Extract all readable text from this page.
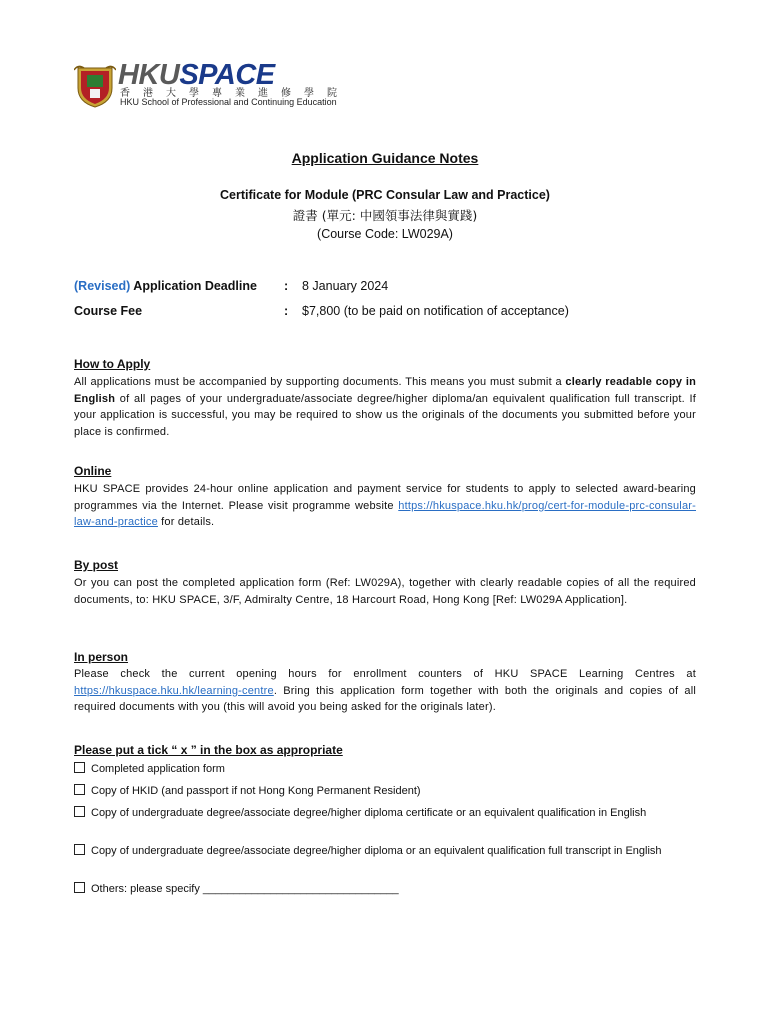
HKUSPACE
香港大學專業進修學院
HKU School of Professional and Continuing Education
Application Guidance Notes
Certificate for Module (PRC Consular Law and Practice)
證書 (單元: 中國領事法律與實踐)
(Course Code: LW029A)
(Revised) Application Deadline : 8 January 2024
Course Fee	: $7,800 (to be paid on notification of acceptance)
How to Apply
All applications must be accompanied by supporting documents. This means you must submit a clearly readable copy in English of all pages of your undergraduate/associate degree/higher diploma/an equivalent qualification full transcript. If your application is successful, you may be required to show us the originals of the documents you submitted before your place is confirmed.
Online
HKU SPACE provides 24-hour online application and payment service for students to apply to selected award-bearing programmes via the Internet. Please visit programme website https://hkuspace.hku.hk/prog/cert-for-module-prc-consular-law-and-practice for details.
By post
Or you can post the completed application form (Ref: LW029A), together with clearly readable copies of all the required documents, to: HKU SPACE, 3/F, Admiralty Centre, 18 Harcourt Road, Hong Kong [Ref: LW029A Application].
In person
Please check the current opening hours for enrollment counters of HKU SPACE Learning Centres at https://hkuspace.hku.hk/learning-centre. Bring this application form together with both the originals and copies of all required documents with you (this will avoid you being asked for the originals later).
Please put a tick “ x ” in the box as appropriate
Completed application form
Copy of HKID (and passport if not Hong Kong Permanent Resident)
Copy of undergraduate degree/associate degree/higher diploma certificate or an equivalent qualification in English
Copy of undergraduate degree/associate degree/higher diploma or an equivalent qualification full transcript in English
Others: please specify ________________________________
